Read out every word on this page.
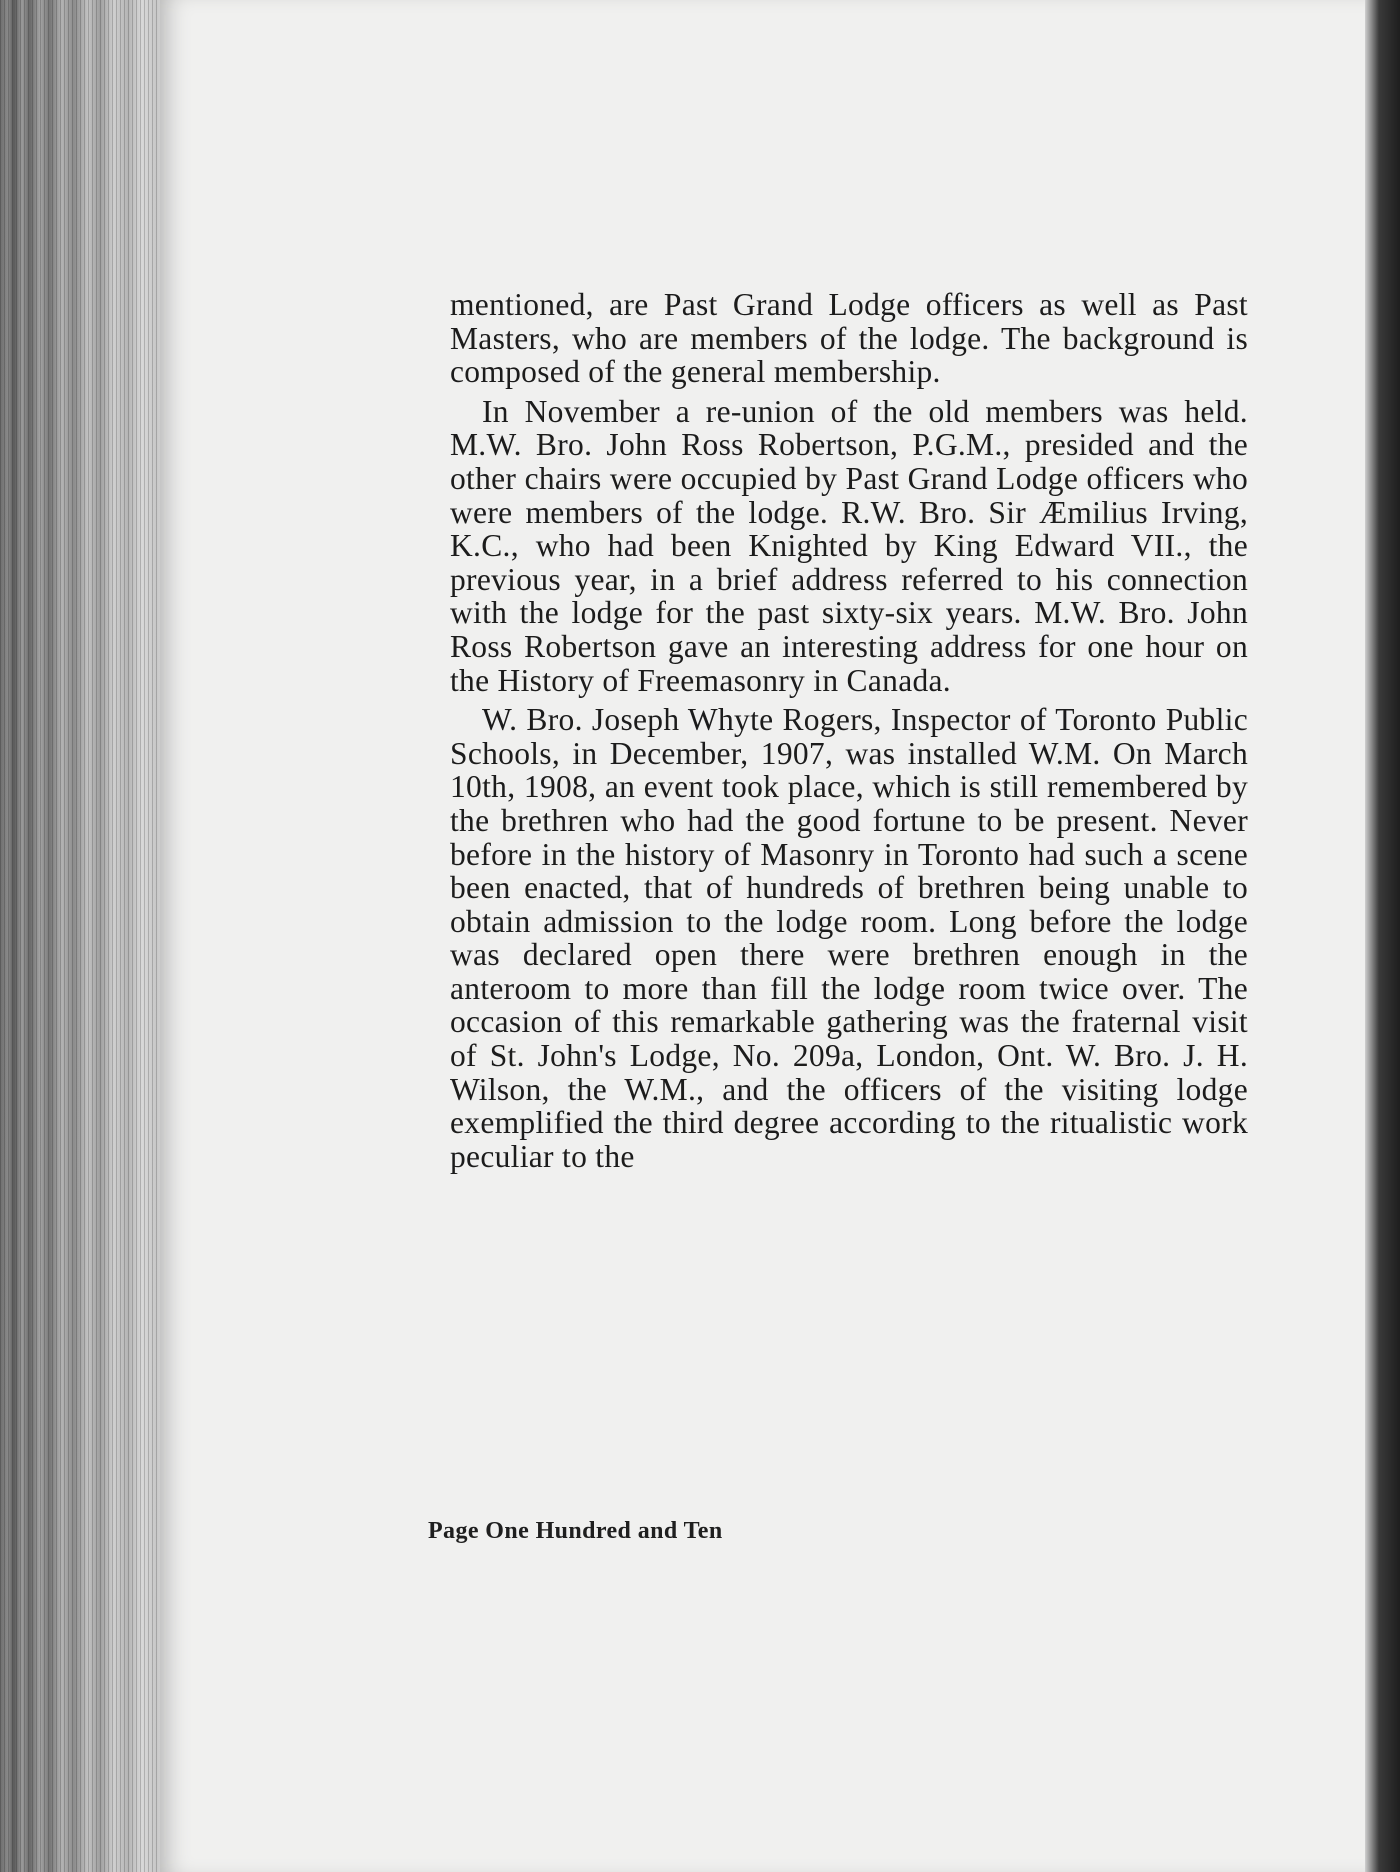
mentioned, are Past Grand Lodge officers as well as Past Masters, who are members of the lodge. The background is composed of the general membership.

In November a re-union of the old members was held. M.W. Bro. John Ross Robertson, P.G.M., presided and the other chairs were occupied by Past Grand Lodge officers who were members of the lodge. R.W. Bro. Sir Æmilius Irving, K.C., who had been Knighted by King Edward VII., the previous year, in a brief address referred to his connection with the lodge for the past sixty-six years. M.W. Bro. John Ross Robertson gave an interesting address for one hour on the History of Freemasonry in Canada.

W. Bro. Joseph Whyte Rogers, Inspector of Toronto Public Schools, in December, 1907, was installed W.M. On March 10th, 1908, an event took place, which is still remembered by the brethren who had the good fortune to be present. Never before in the history of Masonry in Toronto had such a scene been enacted, that of hundreds of brethren being unable to obtain admission to the lodge room. Long before the lodge was declared open there were brethren enough in the anteroom to more than fill the lodge room twice over. The occasion of this remarkable gathering was the fraternal visit of St. John's Lodge, No. 209a, London, Ont. W. Bro. J. H. Wilson, the W.M., and the officers of the visiting lodge exemplified the third degree according to the ritualistic work peculiar to the

Page One Hundred and Ten
